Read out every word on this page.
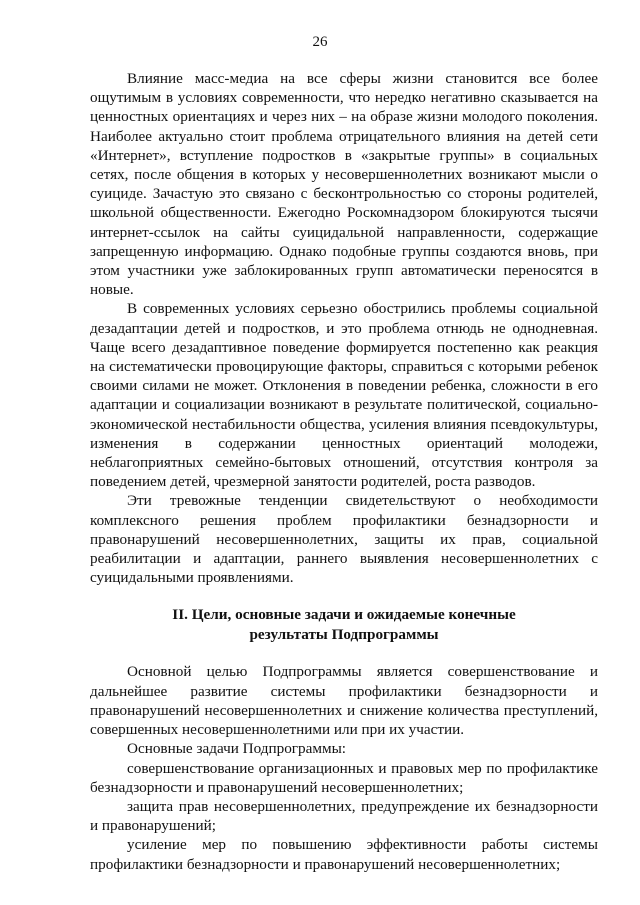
26

Влияние масс-медиа на все сферы жизни становится все более ощутимым в условиях современности, что нередко негативно сказывается на ценностных ориентациях и через них – на образе жизни молодого поколения. Наиболее актуально стоит проблема отрицательного влияния на детей сети «Интернет», вступление подростков в «закрытые группы» в социальных сетях, после общения в которых у несовершеннолетних возникают мысли о суициде. Зачастую это связано с бесконтрольностью со стороны родителей, школьной общественности. Ежегодно Роскомнадзором блокируются тысячи интернет-ссылок на сайты суицидальной направленности, содержащие запрещенную информацию. Однако подобные группы создаются вновь, при этом участники уже заблокированных групп автоматически переносятся в новые.

В современных условиях серьезно обострились проблемы социальной дезадаптации детей и подростков, и это проблема отнюдь не однодневная. Чаще всего дезадаптивное поведение формируется постепенно как реакция на систематически провоцирующие факторы, справиться с которыми ребенок своими силами не может. Отклонения в поведении ребенка, сложности в его адаптации и социализации возникают в результате политической, социально-экономической нестабильности общества, усиления влияния псевдокультуры, изменения в содержании ценностных ориентаций молодежи, неблагоприятных семейно-бытовых отношений, отсутствия контроля за поведением детей, чрезмерной занятости родителей, роста разводов.

Эти тревожные тенденции свидетельствуют о необходимости комплексного решения проблем профилактики безнадзорности и правонарушений несовершеннолетних, защиты их прав, социальной реабилитации и адаптации, раннего выявления несовершеннолетних с суицидальными проявлениями.

II. Цели, основные задачи и ожидаемые конечные
результаты Подпрограммы

Основной целью Подпрограммы является совершенствование и дальнейшее развитие системы профилактики безнадзорности и правонарушений несовершеннолетних и снижение количества преступлений, совершенных несовершеннолетними или при их участии.

Основные задачи Подпрограммы:

совершенствование организационных и правовых мер по профилактике безнадзорности и правонарушений несовершеннолетних;

защита прав несовершеннолетних, предупреждение их безнадзорности и правонарушений;

усиление мер по повышению эффективности работы системы профилактики безнадзорности и правонарушений несовершеннолетних;
